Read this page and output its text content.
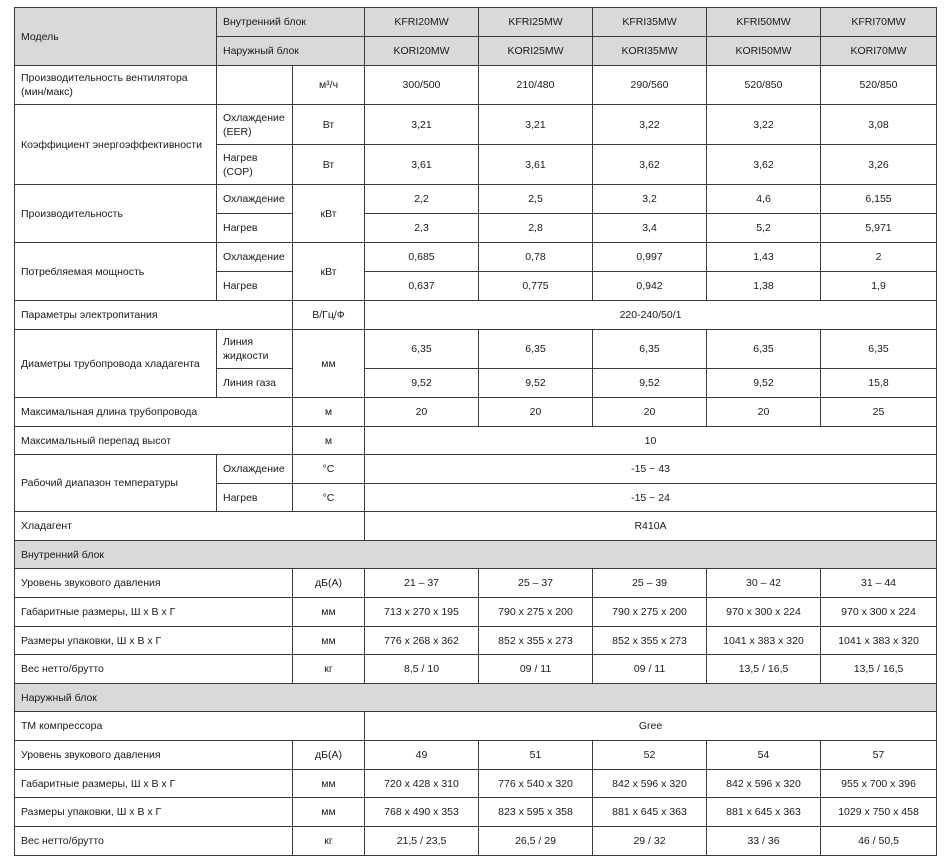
Модель	Внутренний блок		KFRI20MW	KFRI25MW	KFRI35MW	KFRI50MW	KFRI70MW
	Наружный блок		KORI20MW	KORI25MW	KORI35MW	KORI50MW	KORI70MW
Производительность вентилятора (мин/макс)		м³/ч	300/500	210/480	290/560	520/850	520/850
Коэффициент энергоэффективности	Охлаждение (EER)	Вт	3,21	3,21	3,22	3,22	3,08
	Нагрев (COP)	Вт	3,61	3,61	3,62	3,62	3,26
Производительность	Охлаждение	кВт	2,2	2,5	3,2	4,6	6,155
	Нагрев		2,3	2,8	3,4	5,2	5,971
Потребляемая мощность	Охлаждение	кВт	0,685	0,78	0,997	1,43	2
	Нагрев		0,637	0,775	0,942	1,38	1,9
Параметры электропитания		В/Гц/Ф	220-240/50/1				
Диаметры трубопровода хладагента	Линия жидкости	мм	6,35	6,35	6,35	6,35	6,35
	Линия газа		9,52	9,52	9,52	9,52	15,8
Максимальная длина трубопровода		м	20	20	20	20	25
Максимальный перепад высот		м	10				
Рабочий диапазон температуры	Охлаждение	°C	-15 ~ 43				
	Нагрев	°C	-15 ~ 24				
Хладагент			R410A				
Внутренний блок							
Уровень звукового давления		дБ(А)	21 – 37	25 – 37	25 – 39	30 – 42	31 – 44
Габаритные размеры, Ш х В х Г		мм	713 х 270 х 195	790 х 275 х 200	790 х 275 х 200	970 х 300 х 224	970 х 300 х 224
Размеры упаковки, Ш х В х Г		мм	776 х 268 х 362	852 х 355 х 273	852 х 355 х 273	1041 х 383 х 320	1041 х 383 х 320
Вес нетто/брутто		кг	8,5 / 10	09 / 11	09 / 11	13,5 / 16,5	13,5 / 16,5
Наружный блок							
ТМ компрессора			Gree				
Уровень звукового давления		дБ(А)	49	51	52	54	57
Габаритные размеры, Ш х В х Г		мм	720 х 428 х 310	776 х 540 х 320	842 х 596 х 320	842 х 596 х 320	955 х 700 х 396
Размеры упаковки, Ш х В х Г		мм	768 х 490 х 353	823 х 595 х 358	881 х 645 х 363	881 х 645 х 363	1029 х 750 х 458
Вес нетто/брутто		кг	21,5 / 23,5	26,5 / 29	29 / 32	33 / 36	46 / 50,5
